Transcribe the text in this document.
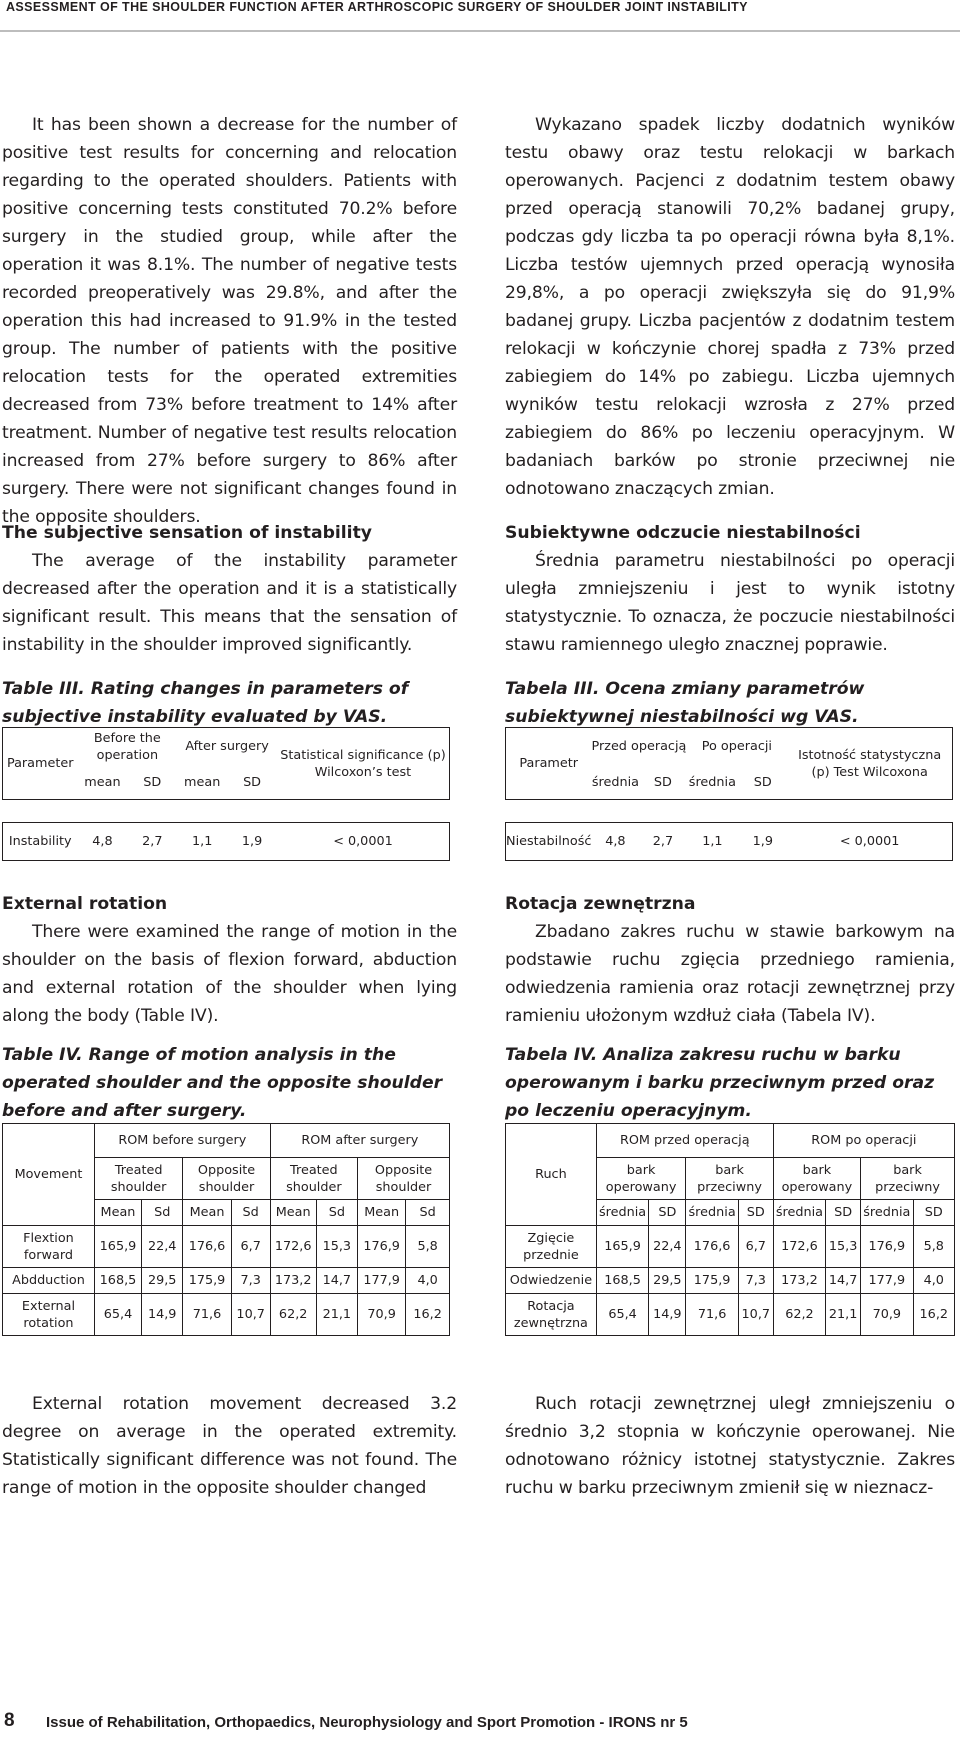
ASSESSMENT OF THE SHOULDER FUNCTION AFTER ARTHROSCOPIC SURGERY OF SHOULDER JOINT INSTABILITY

It has been shown a decrease for the number of positive test results for concerning and relocation regarding to the operated shoulders. Patients with positive concerning tests constituted 70.2% before surgery in the studied group, while after the operation it was 8.1%. The number of negative tests recorded preoperatively was 29.8%, and after the operation this had increased to 91.9% in the tested group. The number of patients with the positive relocation tests for the operated extremities decreased from 73% before treatment to 14% after treatment. Number of negative test results relocation increased from 27% before surgery to 86% after surgery. There were not significant changes found in the opposite shoulders.

The subjective sensation of instability

The average of the instability parameter decreased after the operation and it is a statistically significant result. This means that the sensation of instability in the shoulder improved significantly.

Table III. Rating changes in parameters of subjective instability evaluated by VAS.

Parameter	Before the operation		After surgery		Statistical significance (p) Wilcoxon’s test
	mean	SD	mean	SD	

Instability	4,8	2,7	1,1	1,9	< 0,0001

External rotation

There were examined the range of motion in the shoulder on the basis of flexion forward, abduction and external rotation of the shoulder when lying along the body (Table IV).

Table IV. Range of motion analysis in the operated shoulder and the opposite shoulder before and after surgery.

Movement	ROM before surgery				ROM after surgery			
	Treated shoulder		Opposite shoulder		Treated shoulder		Opposite shoulder	
	Mean	Sd	Mean	Sd	Mean	Sd	Mean	Sd
Flextion forward	165,9	22,4	176,6	6,7	172,6	15,3	176,9	5,8
Abdduction	168,5	29,5	175,9	7,3	173,2	14,7	177,9	4,0
External rotation	65,4	14,9	71,6	10,7	62,2	21,1	70,9	16,2

External rotation movement decreased 3.2 degree on average in the operated extremity. Statistically significant difference was not found. The range of motion in the opposite shoulder changed

Wykazano spadek liczby dodatnich wyników testu obawy oraz testu relokacji w barkach operowanych. Pacjenci z dodatnim testem obawy przed operacją stanowili 70,2% badanej grupy, podczas gdy liczba ta po operacji równa była 8,1%. Liczba testów ujemnych przed operacją wynosiła 29,8%, a po operacji zwiększyła się do 91,9% badanej grupy. Liczba pacjentów z dodatnim testem relokacji w kończynie chorej spadła z 73% przed zabiegiem do 14% po zabiegu. Liczba ujemnych wyników testu relokacji wzrosła z 27% przed zabiegiem do 86% po leczeniu operacyjnym. W badaniach barków po stronie przeciwnej nie odnotowano znaczących zmian.

Subiektywne odczucie niestabilności

Średnia parametru niestabilności po operacji uległa zmniejszeniu i jest to wynik istotny statystycznie. To oznacza, że poczucie niestabilności stawu ramiennego uległo znacznej poprawie.

Tabela III. Ocena zmiany parametrów subiektywnej niestabilności wg VAS.

Parametr	Przed operacją		Po operacji		Istotność statystyczna (p) Test Wilcoxona
	średnia	SD	średnia	SD	

Niestabilność	4,8	2,7	1,1	1,9	< 0,0001

Rotacja zewnętrzna

Zbadano zakres ruchu w stawie barkowym na podstawie ruchu zgięcia przedniego ramienia, odwiedzenia ramienia oraz rotacji zewnętrznej przy ramieniu ułożonym wzdłuż ciała (Tabela IV).

Tabela IV. Analiza zakresu ruchu w barku operowanym i barku przeciwnym przed oraz po leczeniu operacyjnym.

Ruch	ROM przed operacją				ROM po operacji			
	bark operowany		bark przeciwny		bark operowany		bark przeciwny	
	średnia	SD	średnia	SD	średnia	SD	średnia	SD
Zgięcie przednie	165,9	22,4	176,6	6,7	172,6	15,3	176,9	5,8
Odwiedzenie	168,5	29,5	175,9	7,3	173,2	14,7	177,9	4,0
Rotacja zewnętrzna	65,4	14,9	71,6	10,7	62,2	21,1	70,9	16,2

Ruch rotacji zewnętrznej uległ zmniejszeniu o średnio 3,2 stopnia w kończynie operowanej. Nie odnotowano różnicy istotnej statystycznie. Zakres ruchu w barku przeciwnym zmienił się w nieznacz-

8 Issue of Rehabilitation, Orthopaedics, Neurophysiology and Sport Promotion - IRONS nr 5
